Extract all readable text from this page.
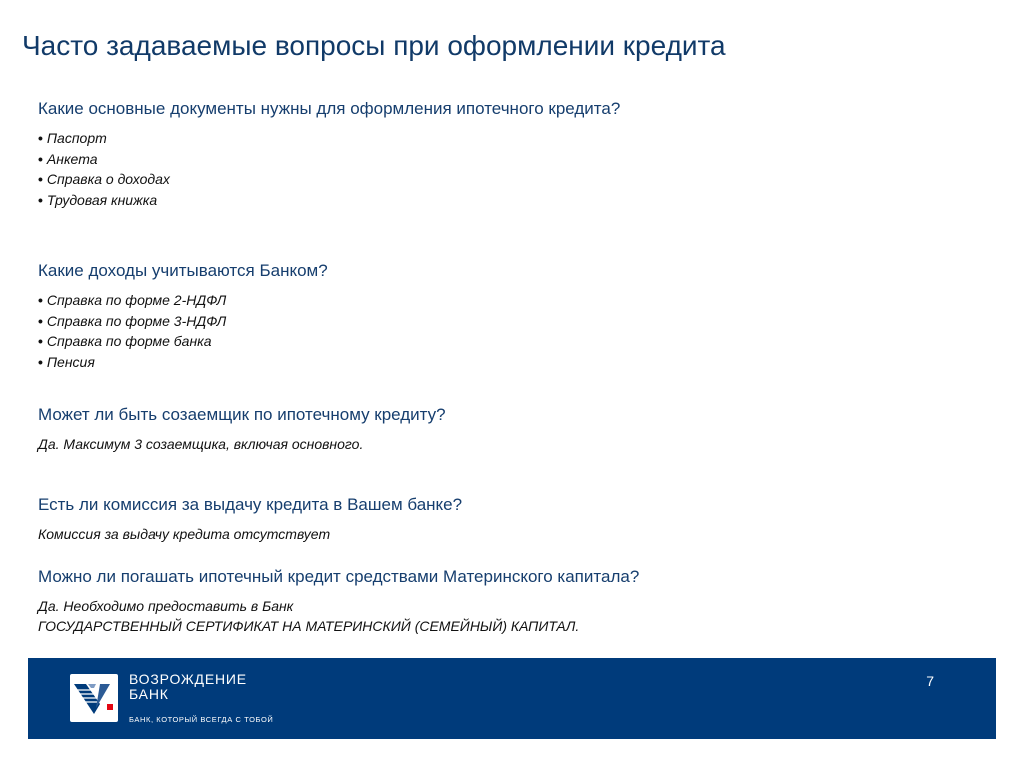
Часто задаваемые вопросы при оформлении кредита

Какие основные документы нужны для оформления ипотечного кредита?

• Паспорт
• Анкета
• Справка о доходах
• Трудовая книжка

Какие доходы учитываются Банком?

• Справка по форме 2-НДФЛ
• Справка по форме 3-НДФЛ
• Справка по форме банка
• Пенсия

Может ли быть созаемщик по ипотечному кредиту?

Да. Максимум 3 созаемщика, включая основного.

Есть ли комиссия за выдачу кредита в Вашем банке?

Комиссия за выдачу кредита отсутствует

Можно ли погашать ипотечный кредит средствами Материнского капитала?

Да. Необходимо предоставить в Банк
ГОСУДАРСТВЕННЫЙ СЕРТИФИКАТ НА МАТЕРИНСКИЙ (СЕМЕЙНЫЙ) КАПИТАЛ.
ВОЗРОЖДЕНИЕ
БАНК
БАНК, КОТОРЫЙ ВСЕГДА С ТОБОЙ
7
